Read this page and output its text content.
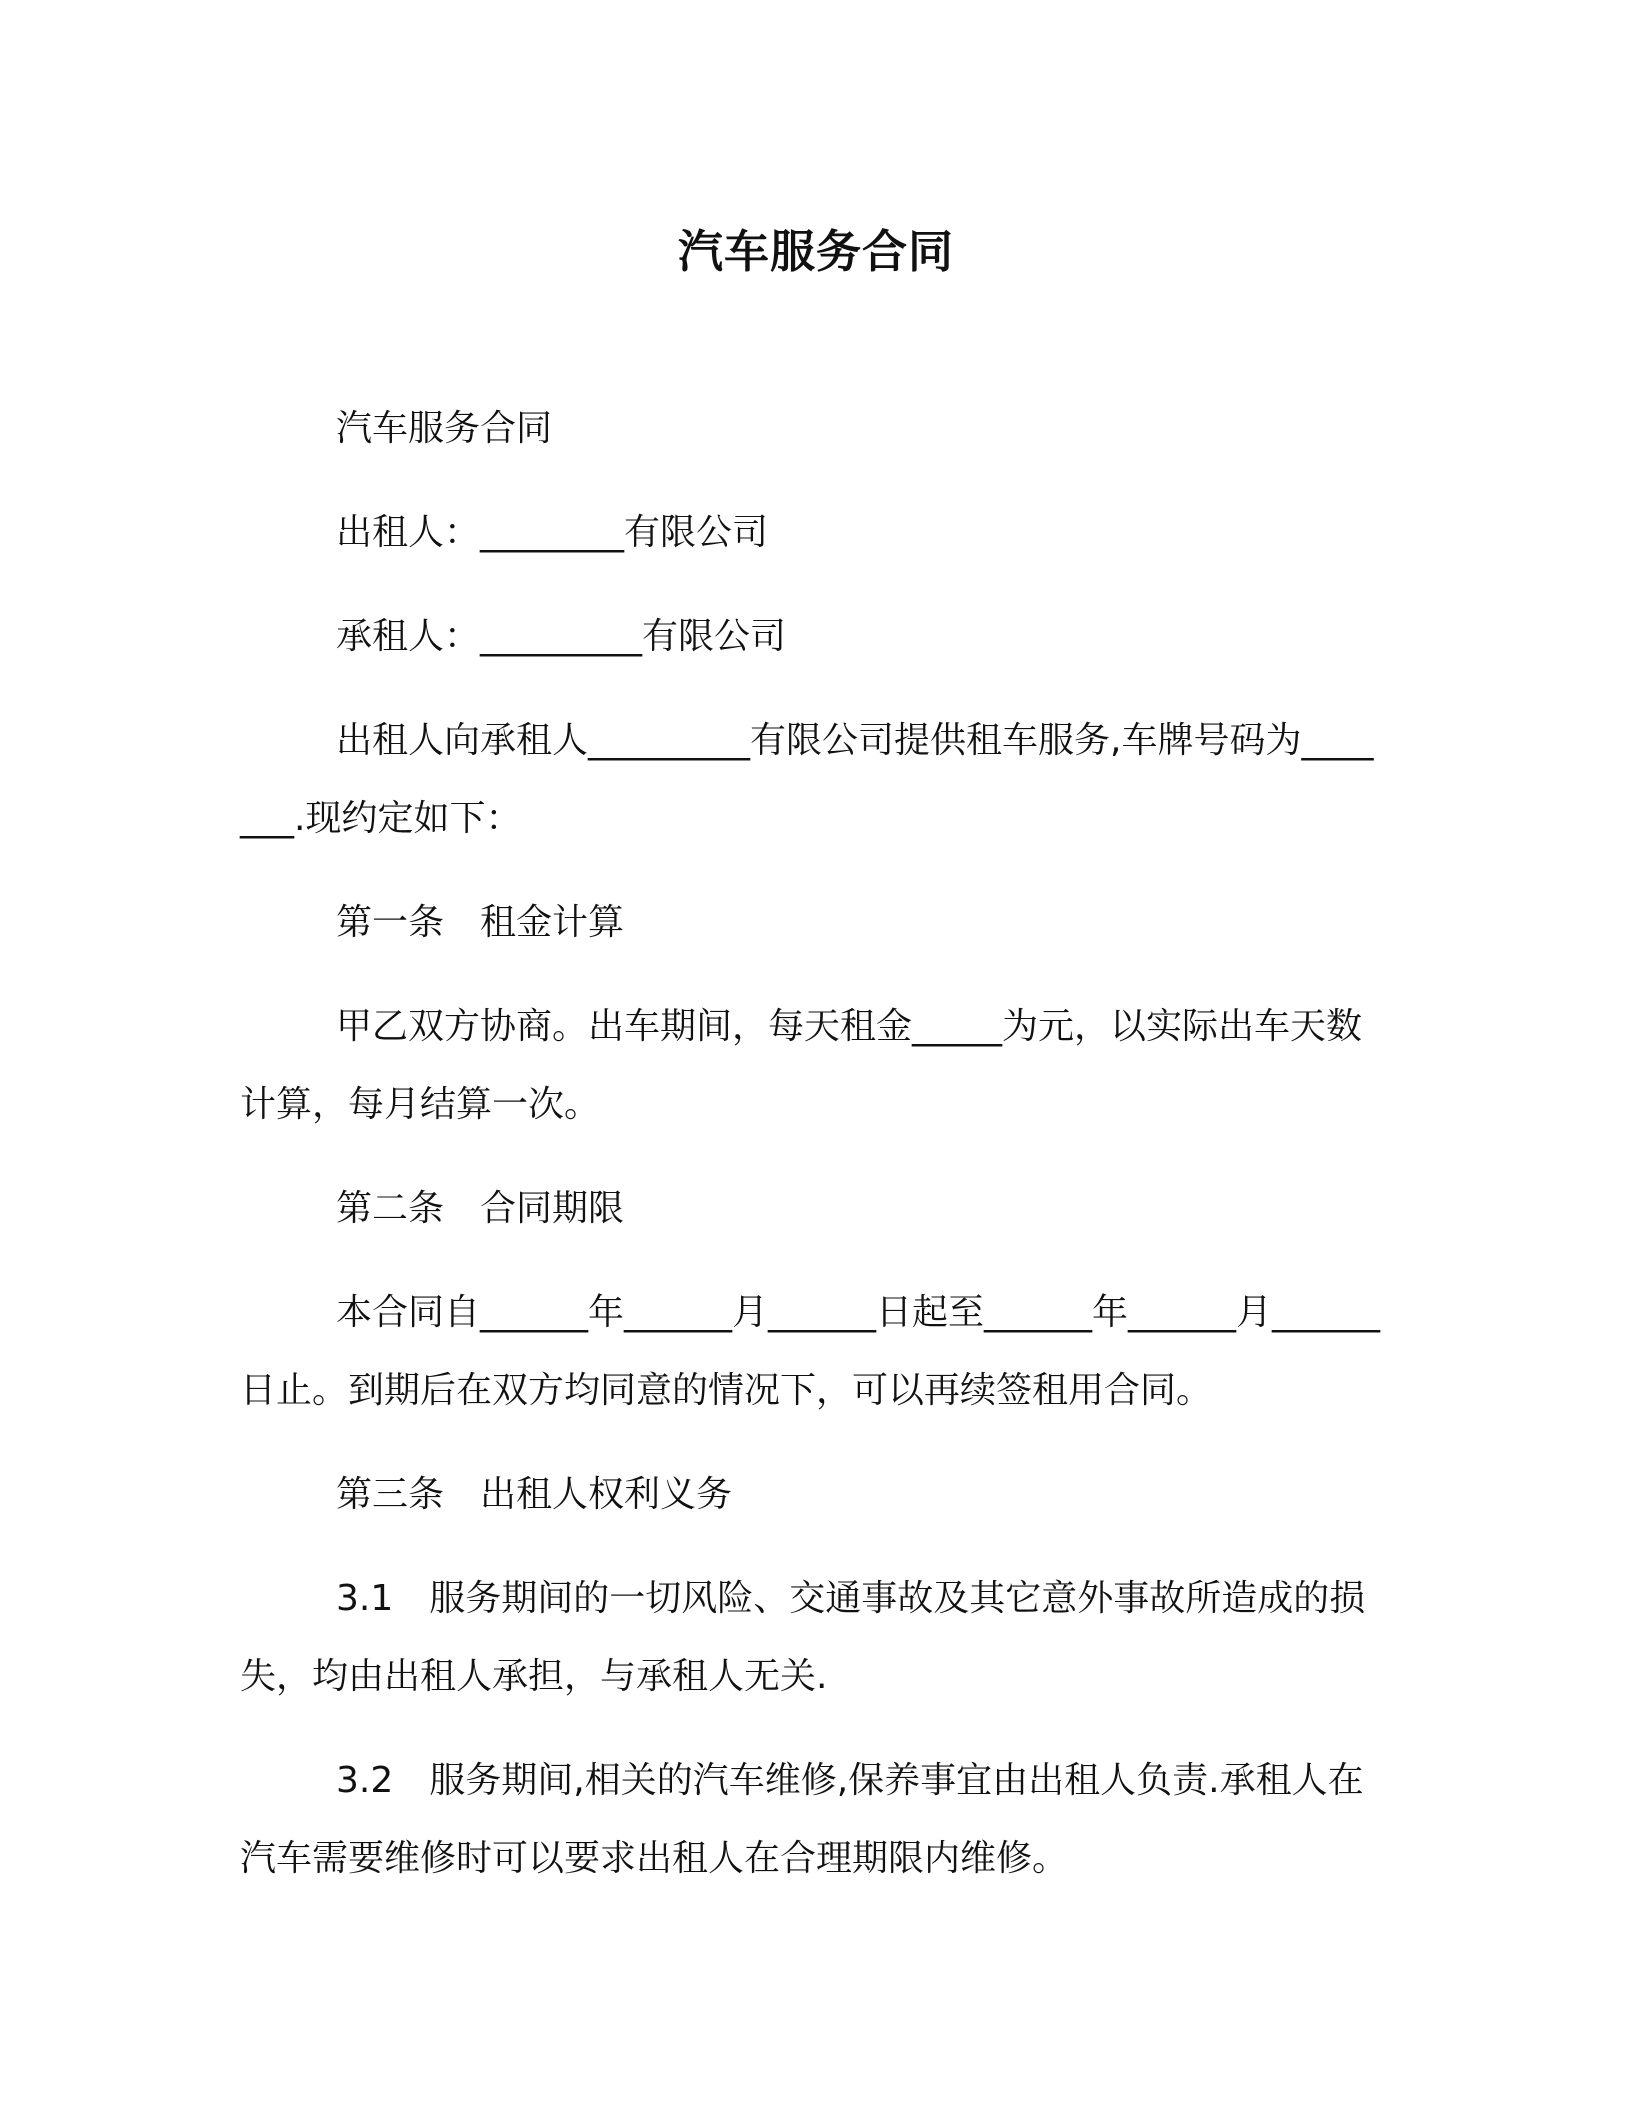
汽车服务合同

汽车服务合同

出租人：________有限公司

承租人：_________有限公司

出租人向承租人_________有限公司提供租车服务,车牌号码为_______.现约定如下：

第一条　租金计算

甲乙双方协商。出车期间，每天租金_____为元，以实际出车天数计算，每月结算一次。

第二条　合同期限

本合同自______年______月______日起至______年______月______日止。到期后在双方均同意的情况下，可以再续签租用合同。

第三条　出租人权利义务

3.1　服务期间的一切风险、交通事故及其它意外事故所造成的损失，均由出租人承担，与承租人无关.

3.2　服务期间,相关的汽车维修,保养事宜由出租人负责.承租人在汽车需要维修时可以要求出租人在合理期限内维修。
